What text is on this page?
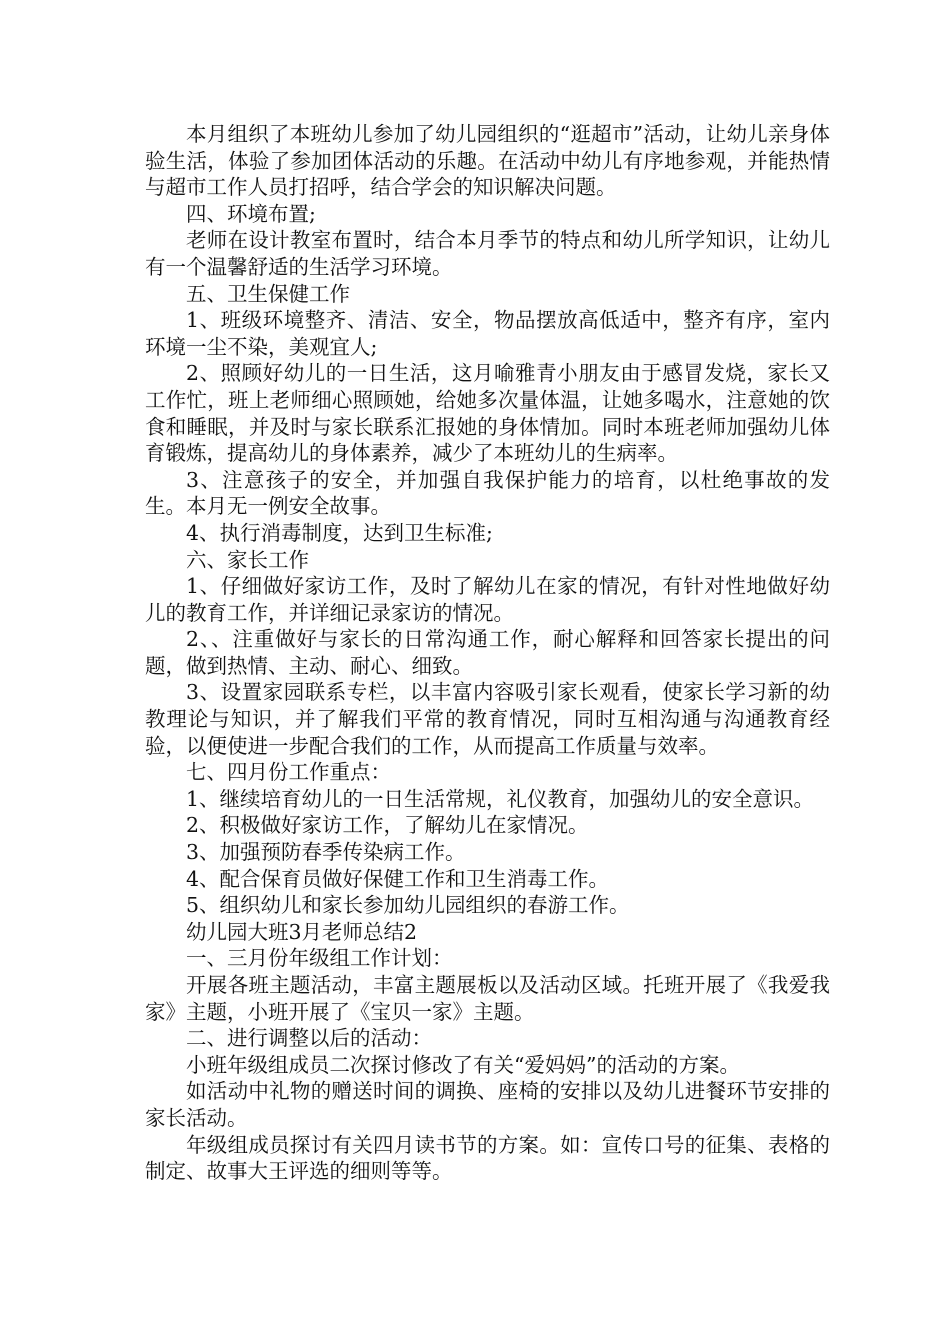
本月组织了本班幼儿参加了幼儿园组织的“逛超市”活动，让幼儿亲身体验生活，体验了参加团体活动的乐趣。在活动中幼儿有序地参观，并能热情与超市工作人员打招呼，结合学会的知识解决问题。

四、环境布置;

老师在设计教室布置时，结合本月季节的特点和幼儿所学知识，让幼儿有一个温馨舒适的生活学习环境。

五、卫生保健工作

1、班级环境整齐、清洁、安全，物品摆放高低适中，整齐有序，室内环境一尘不染，美观宜人;

2、照顾好幼儿的一日生活，这月喻雅青小朋友由于感冒发烧，家长又工作忙，班上老师细心照顾她，给她多次量体温，让她多喝水，注意她的饮食和睡眠，并及时与家长联系汇报她的身体情加。同时本班老师加强幼儿体育锻炼，提高幼儿的身体素养，减少了本班幼儿的生病率。

3、注意孩子的安全，并加强自我保护能力的培育，以杜绝事故的发生。本月无一例安全故事。

4、执行消毒制度，达到卫生标准;

六、家长工作

1、仔细做好家访工作，及时了解幼儿在家的情况，有针对性地做好幼儿的教育工作，并详细记录家访的情况。

2、、注重做好与家长的日常沟通工作，耐心解释和回答家长提出的问题，做到热情、主动、耐心、细致。

3、设置家园联系专栏，以丰富内容吸引家长观看，使家长学习新的幼教理论与知识，并了解我们平常的教育情况，同时互相沟通与沟通教育经验，以便使进一步配合我们的工作，从而提高工作质量与效率。

七、四月份工作重点：

1、继续培育幼儿的一日生活常规，礼仪教育，加强幼儿的安全意识。

2、积极做好家访工作，了解幼儿在家情况。

3、加强预防春季传染病工作。

4、配合保育员做好保健工作和卫生消毒工作。

5、组织幼儿和家长参加幼儿园组织的春游工作。

幼儿园大班3月老师总结2

一、三月份年级组工作计划：

开展各班主题活动，丰富主题展板以及活动区域。托班开展了《我爱我家》主题，小班开展了《宝贝一家》主题。

二、进行调整以后的活动：

小班年级组成员二次探讨修改了有关“爱妈妈”的活动的方案。

如活动中礼物的赠送时间的调换、座椅的安排以及幼儿进餐环节安排的家长活动。

年级组成员探讨有关四月读书节的方案。如：宣传口号的征集、表格的制定、故事大王评选的细则等等。
